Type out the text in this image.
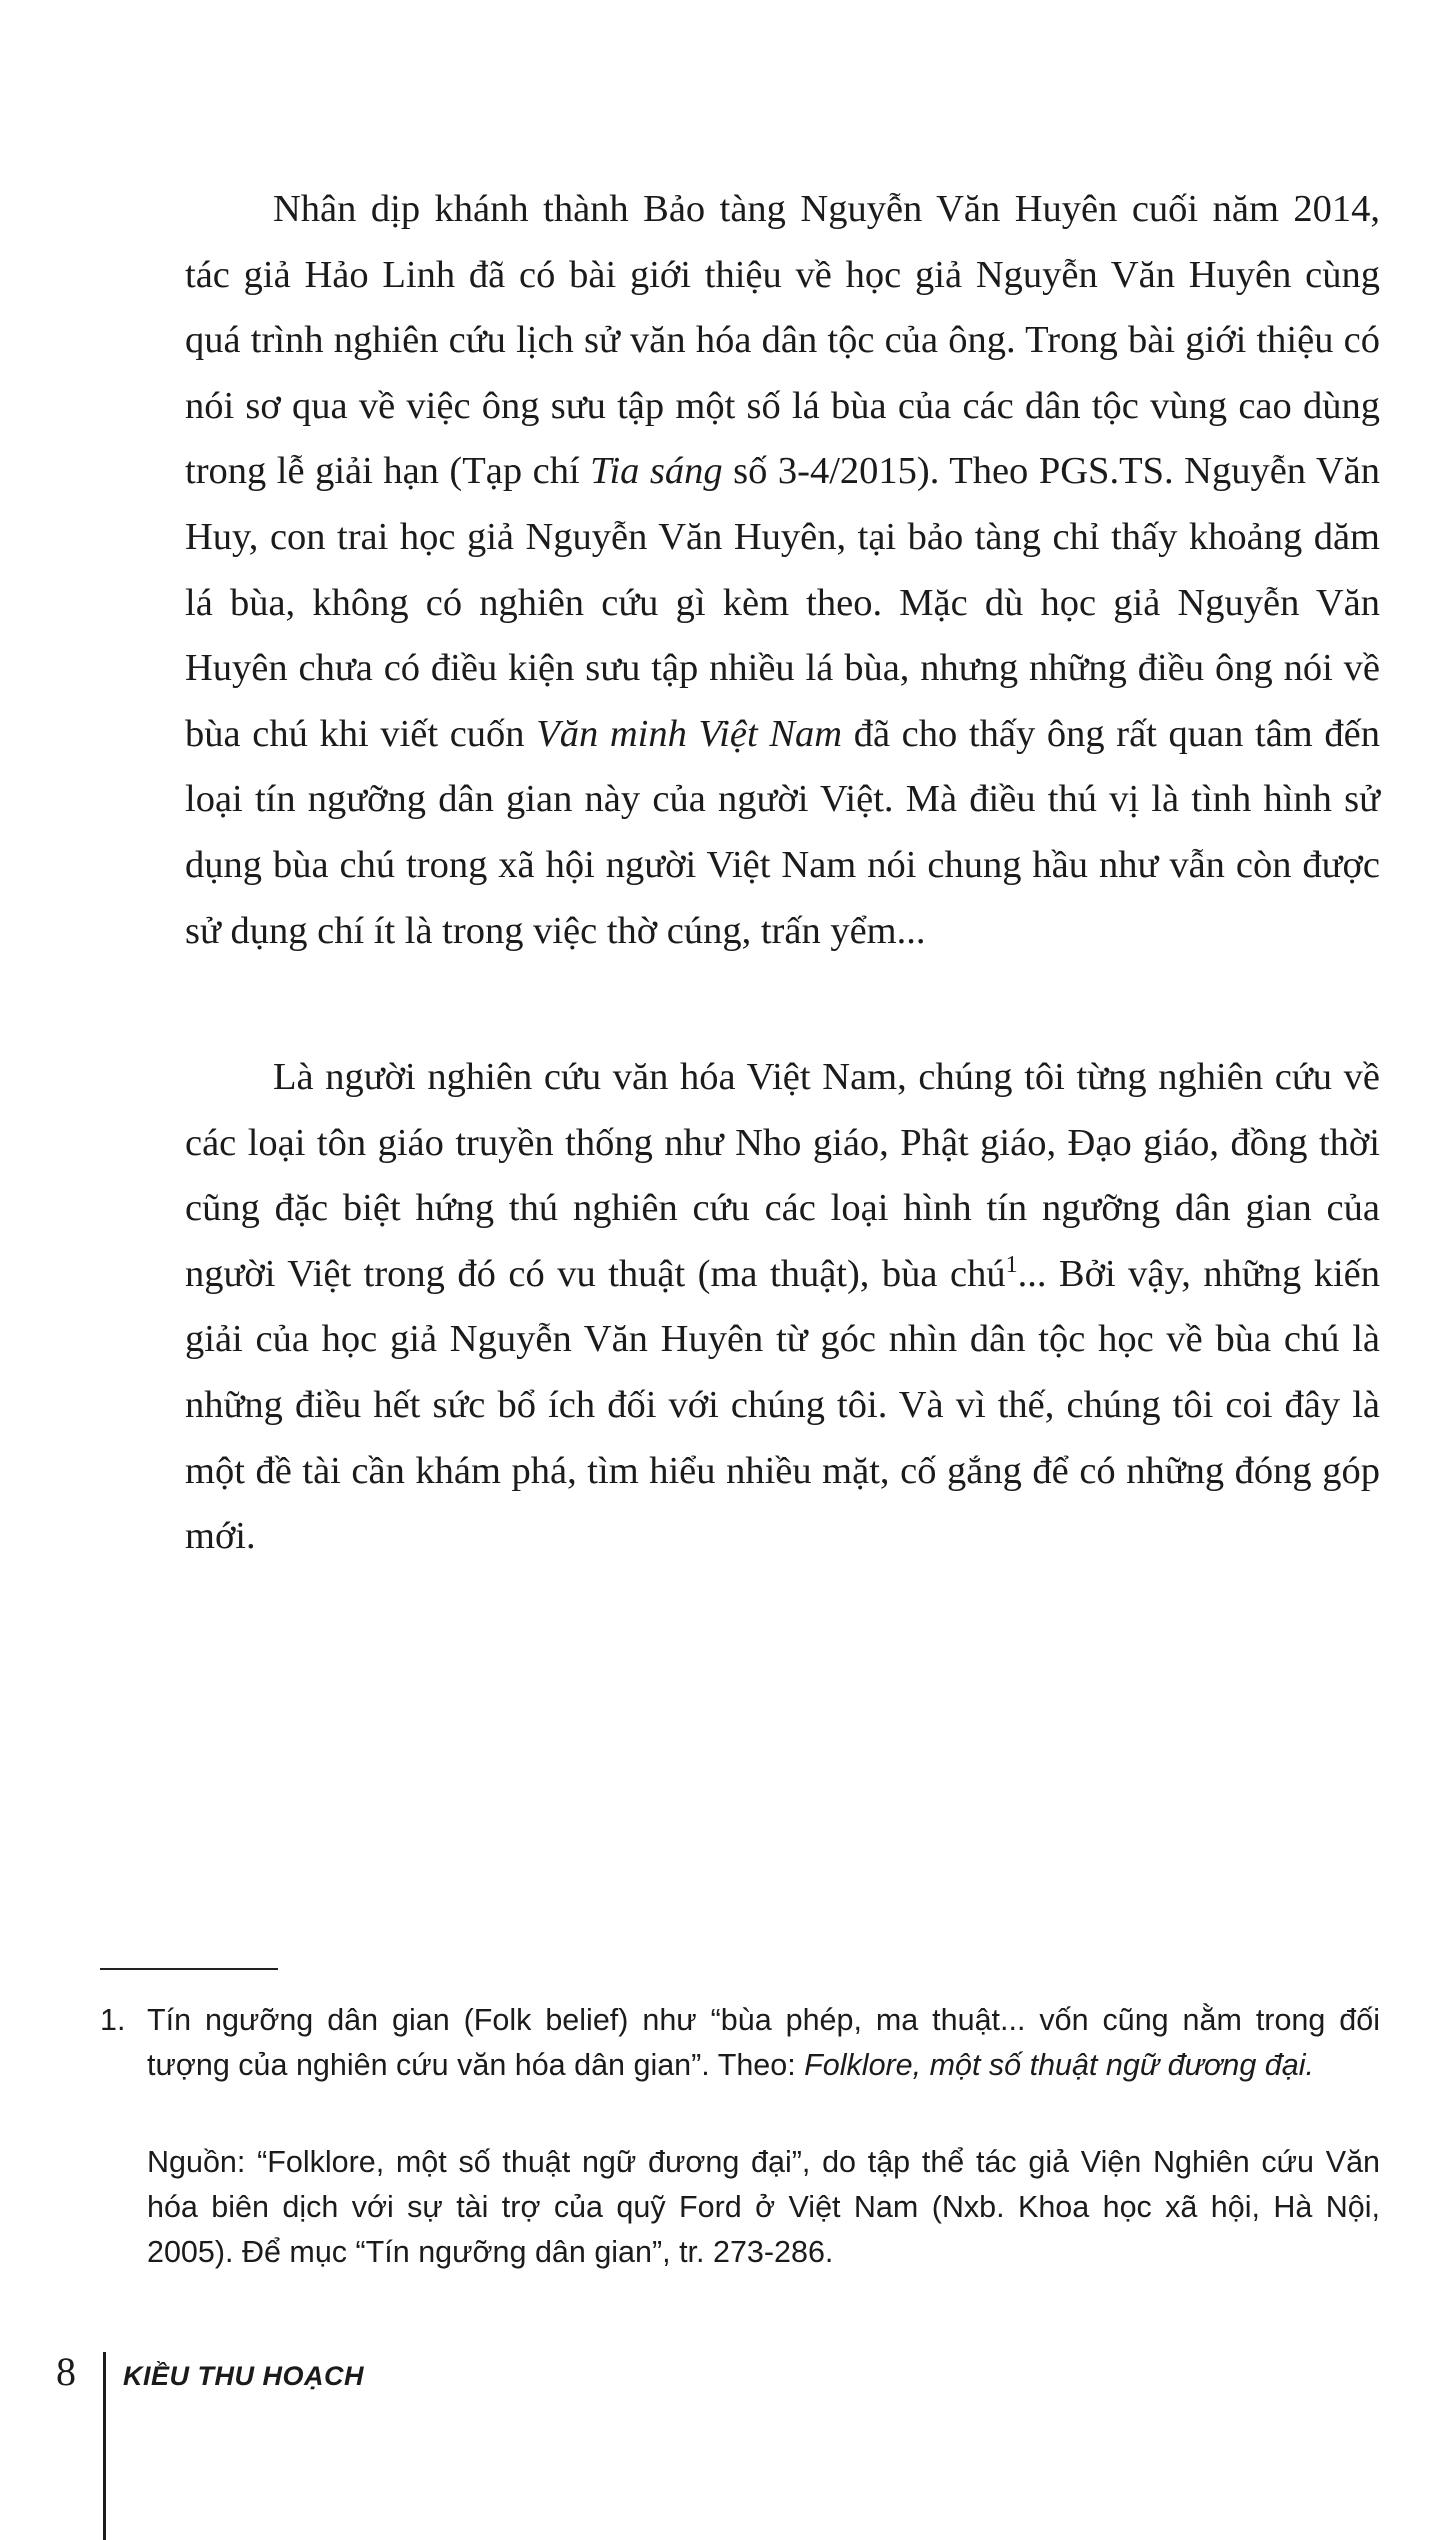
Nhân dịp khánh thành Bảo tàng Nguyễn Văn Huyên cuối năm 2014, tác giả Hảo Linh đã có bài giới thiệu về học giả Nguyễn Văn Huyên cùng quá trình nghiên cứu lịch sử văn hóa dân tộc của ông. Trong bài giới thiệu có nói sơ qua về việc ông sưu tập một số lá bùa của các dân tộc vùng cao dùng trong lễ giải hạn (Tạp chí Tia sáng số 3-4/2015). Theo PGS.TS. Nguyễn Văn Huy, con trai học giả Nguyễn Văn Huyên, tại bảo tàng chỉ thấy khoảng dăm lá bùa, không có nghiên cứu gì kèm theo. Mặc dù học giả Nguyễn Văn Huyên chưa có điều kiện sưu tập nhiều lá bùa, nhưng những điều ông nói về bùa chú khi viết cuốn Văn minh Việt Nam đã cho thấy ông rất quan tâm đến loại tín ngưỡng dân gian này của người Việt. Mà điều thú vị là tình hình sử dụng bùa chú trong xã hội người Việt Nam nói chung hầu như vẫn còn được sử dụng chí ít là trong việc thờ cúng, trấn yểm...

Là người nghiên cứu văn hóa Việt Nam, chúng tôi từng nghiên cứu về các loại tôn giáo truyền thống như Nho giáo, Phật giáo, Đạo giáo, đồng thời cũng đặc biệt hứng thú nghiên cứu các loại hình tín ngưỡng dân gian của người Việt trong đó có vu thuật (ma thuật), bùa chú$^1$... Bởi vậy, những kiến giải của học giả Nguyễn Văn Huyên từ góc nhìn dân tộc học về bùa chú là những điều hết sức bổ ích đối với chúng tôi. Và vì thế, chúng tôi coi đây là một đề tài cần khám phá, tìm hiểu nhiều mặt, cố gắng để có những đóng góp mới.

1. Tín ngưỡng dân gian (Folk belief) như “bùa phép, ma thuật... vốn cũng nằm trong đối tượng của nghiên cứu văn hóa dân gian”. Theo: Folklore, một số thuật ngữ đương đại.
Nguồn: “Folklore, một số thuật ngữ đương đại”, do tập thể tác giả Viện Nghiên cứu Văn hóa biên dịch với sự tài trợ của quỹ Ford ở Việt Nam (Nxb. Khoa học xã hội, Hà Nội, 2005). Để mục “Tín ngưỡng dân gian”, tr. 273-286.
8 KIỀU THU HOẠCH
